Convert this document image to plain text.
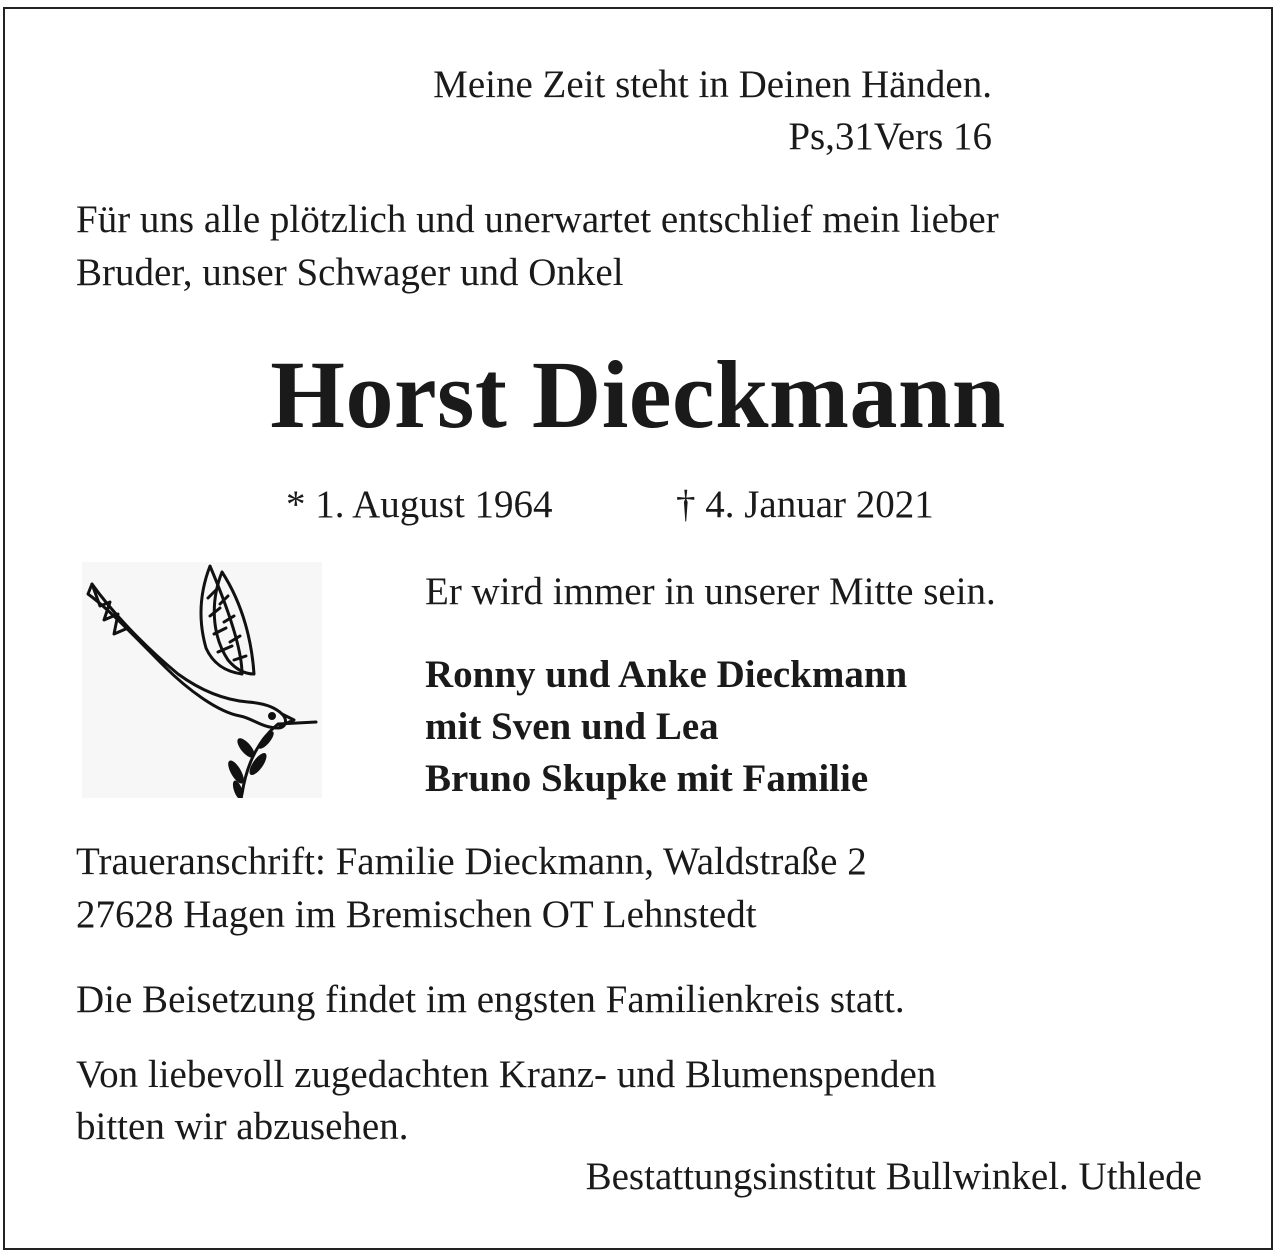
Meine Zeit steht in Deinen Händen.

Ps,31Vers 16

Für uns alle plötzlich und unerwartet entschlief mein lieber

Bruder, unser Schwager und Onkel

Horst Dieckmann

* 1. August 1964	† 4. Januar 2021

Er wird immer in unserer Mitte sein.

Ronny und Anke Dieckmann

mit Sven und Lea

Bruno Skupke mit Familie

Traueranschrift: Familie Dieckmann, Waldstraße 2

27628 Hagen im Bremischen OT Lehnstedt

Die Beisetzung findet im engsten Familienkreis statt.

Von liebevoll zugedachten Kranz- und Blumenspenden

bitten wir abzusehen.

Bestattungsinstitut Bullwinkel. Uthlede
